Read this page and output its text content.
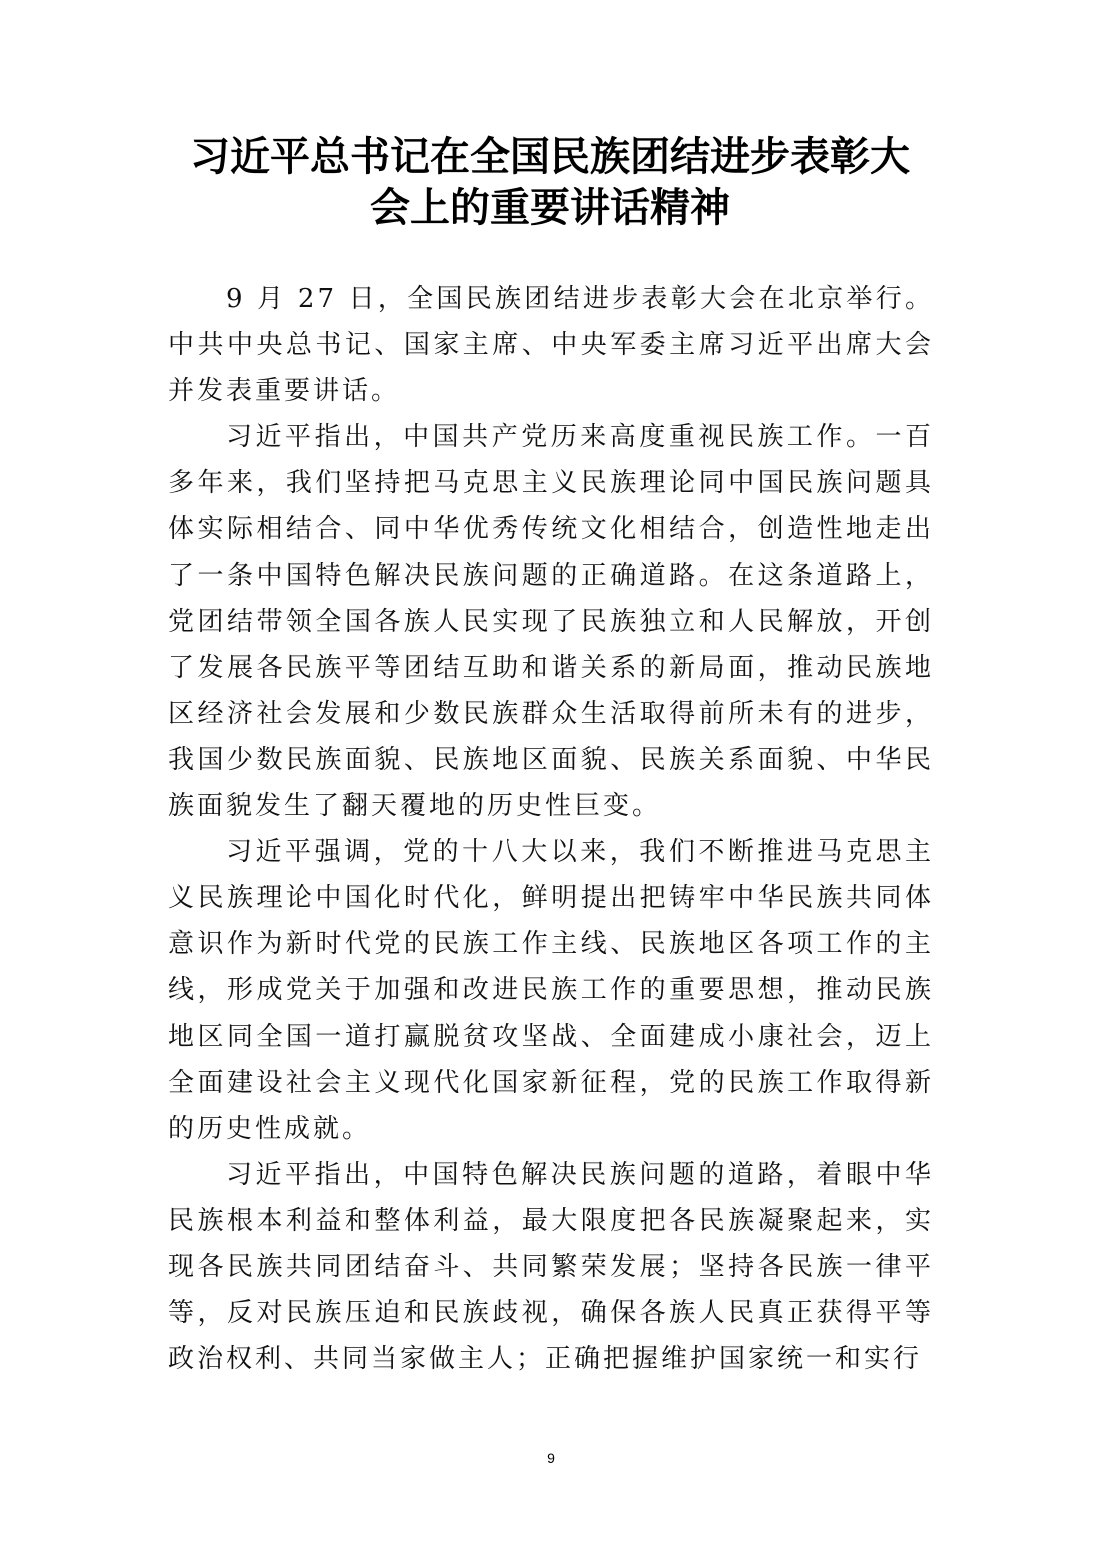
习近平总书记在全国民族团结进步表彰大
会上的重要讲话精神

9 月 27 日，全国民族团结进步表彰大会在北京举行。中共中央总书记、国家主席、中央军委主席习近平出席大会并发表重要讲话。

习近平指出，中国共产党历来高度重视民族工作。一百多年来，我们坚持把马克思主义民族理论同中国民族问题具体实际相结合、同中华优秀传统文化相结合，创造性地走出了一条中国特色解决民族问题的正确道路。在这条道路上，党团结带领全国各族人民实现了民族独立和人民解放，开创了发展各民族平等团结互助和谐关系的新局面，推动民族地区经济社会发展和少数民族群众生活取得前所未有的进步，我国少数民族面貌、民族地区面貌、民族关系面貌、中华民族面貌发生了翻天覆地的历史性巨变。

习近平强调，党的十八大以来，我们不断推进马克思主义民族理论中国化时代化，鲜明提出把铸牢中华民族共同体意识作为新时代党的民族工作主线、民族地区各项工作的主线，形成党关于加强和改进民族工作的重要思想，推动民族地区同全国一道打赢脱贫攻坚战、全面建成小康社会，迈上全面建设社会主义现代化国家新征程，党的民族工作取得新的历史性成就。

习近平指出，中国特色解决民族问题的道路，着眼中华民族根本利益和整体利益，最大限度把各民族凝聚起来，实现各民族共同团结奋斗、共同繁荣发展；坚持各民族一律平等，反对民族压迫和民族歧视，确保各族人民真正获得平等政治权利、共同当家做主人；正确把握维护国家统一和实行

9
